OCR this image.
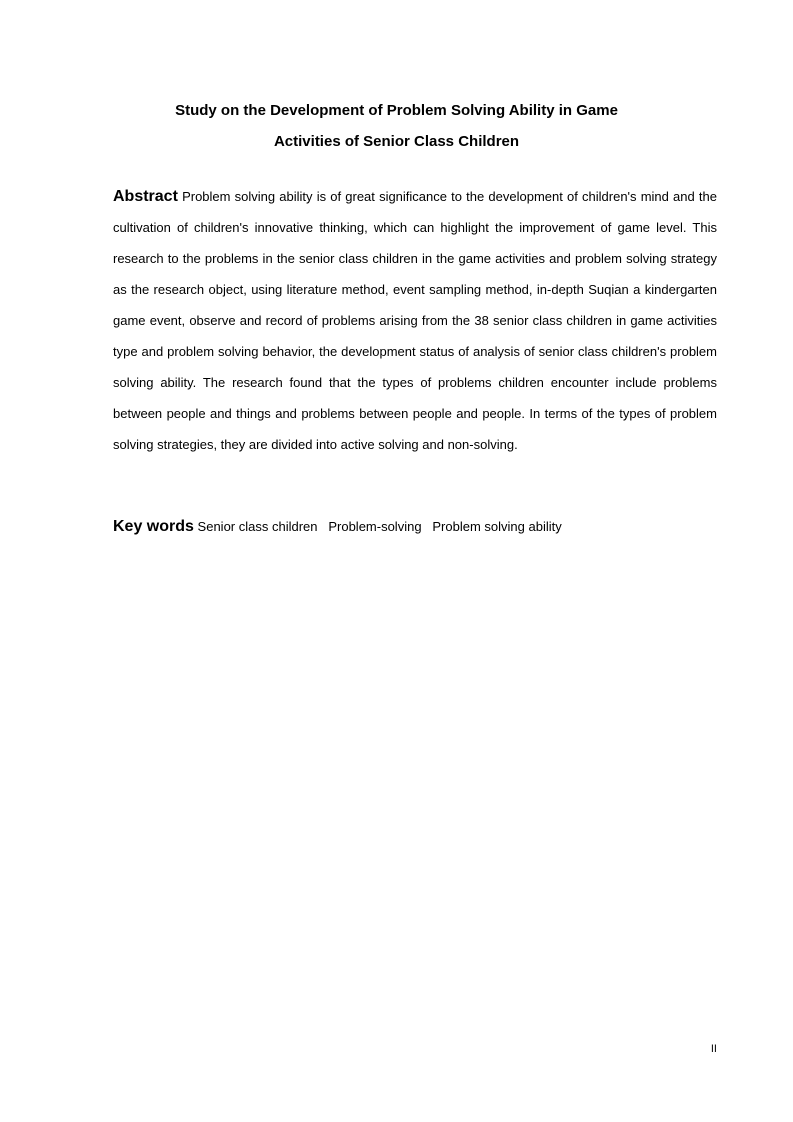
Study on the Development of Problem Solving Ability in Game
Activities of Senior Class Children
Abstract Problem solving ability is of great significance to the development of children's mind and the cultivation of children's innovative thinking, which can highlight the improvement of game level. This research to the problems in the senior class children in the game activities and problem solving strategy as the research object, using literature method, event sampling method, in-depth Suqian a kindergarten game event, observe and record of problems arising from the 38 senior class children in game activities type and problem solving behavior, the development status of analysis of senior class children's problem solving ability. The research found that the types of problems children encounter include problems between people and things and problems between people and people. In terms of the types of problem solving strategies, they are divided into active solving and non-solving.
Key words Senior class children Problem-solving Problem solving ability
II
